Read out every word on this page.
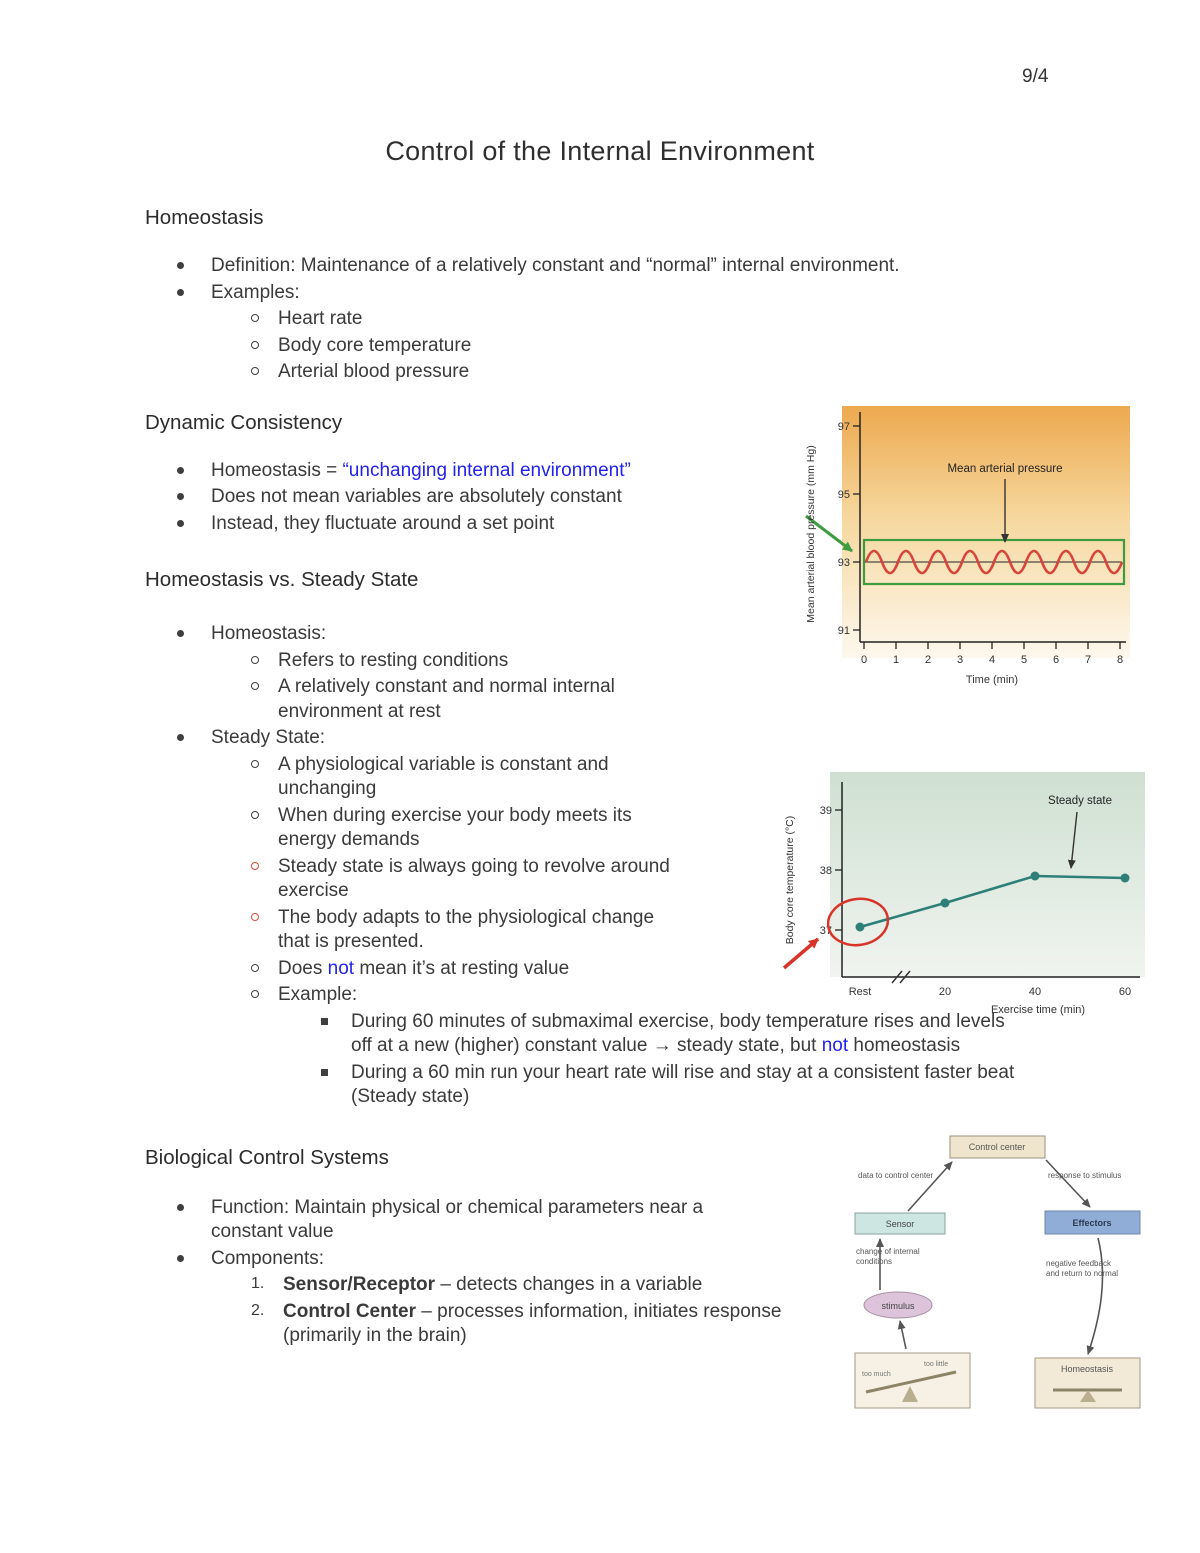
9/4
Control of the Internal Environment
Homeostasis
Definition: Maintenance of a relatively constant and “normal” internal environment.
Examples:
Heart rate
Body core temperature
Arterial blood pressure
Dynamic Consistency
Homeostasis = “unchanging internal environment”
Does not mean variables are absolutely constant
Instead, they fluctuate around a set point
Homeostasis vs. Steady State
Homeostasis:
Refers to resting conditions
A relatively constant and normal internal environment at rest
Steady State:
A physiological variable is constant and unchanging
When during exercise your body meets its energy demands
Steady state is always going to revolve around exercise
The body adapts to the physiological change that is presented.
Does not mean it’s at resting value
Example:
During 60 minutes of submaximal exercise, body temperature rises and levels off at a new (higher) constant value → steady state, but not homeostasis
During a 60 min run your heart rate will rise and stay at a consistent faster beat (Steady state)
Biological Control Systems
Function: Maintain physical or chemical parameters near a constant value
Components:
1. Sensor/Receptor – detects changes in a variable
2. Control Center – processes information, initiates response (primarily in the brain)
97
95
93
91
0 1 2 3 4 5 6 7 8
Mean arterial pressure
Time (min)
Mean arterial blood pressure (mm Hg)
39
38
37
Steady state
Rest	20	40	60
Exercise time (min)
Body core temperature (°C)
Control center
data to control center	response to stimulus
Sensor	Effectors
change of internal conditions
stimulus
negative feedback and return to normal
too little
too much
Homeostasis
